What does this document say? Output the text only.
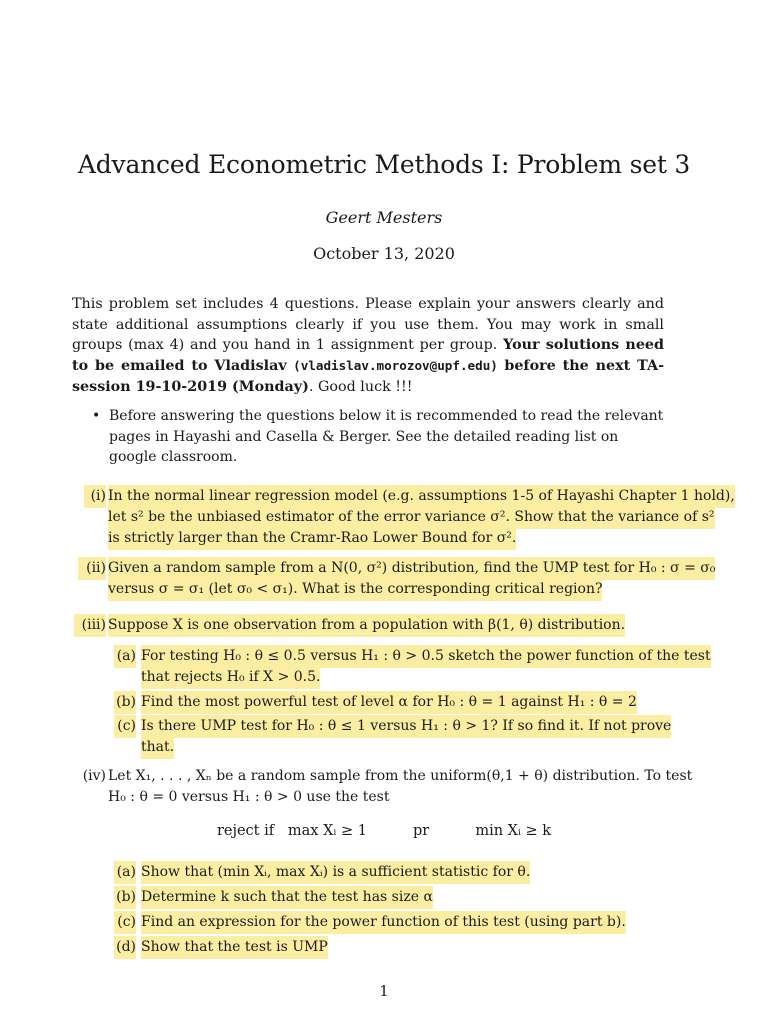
Advanced Econometric Methods I: Problem set 3
Geert Mesters
October 13, 2020
This problem set includes 4 questions. Please explain your answers clearly and state additional assumptions clearly if you use them. You may work in small groups (max 4) and you hand in 1 assignment per group. Your solutions need to be emailed to Vladislav (vladislav.morozov@upf.edu) before the next TA-session 19-10-2019 (Monday). Good luck !!!
• Before answering the questions below it is recommended to read the relevant pages in Hayashi and Casella & Berger. See the detailed reading list on google classroom.
(i) In the normal linear regression model (e.g. assumptions 1-5 of Hayashi Chapter 1 hold),
let s² be the unbiased estimator of the error variance σ². Show that the variance of s²
is strictly larger than the Cramr-Rao Lower Bound for σ².
(ii) Given a random sample from a N(0, σ²) distribution, find the UMP test for H₀ : σ = σ₀
versus σ = σ₁ (let σ₀ < σ₁). What is the corresponding critical region?
(iii) Suppose X is one observation from a population with β(1, θ) distribution.
(a) For testing H₀ : θ ≤ 0.5 versus H₁ : θ > 0.5 sketch the power function of the test
that rejects H₀ if X > 0.5.
(b) Find the most powerful test of level α for H₀ : θ = 1 against H₁ : θ = 2
(c) Is there UMP test for H₀ : θ ≤ 1 versus H₁ : θ > 1? If so find it. If not prove
that.
(iv) Let X₁, . . . , Xₙ be a random sample from the uniform(θ,1 + θ) distribution. To test
H₀ : θ = 0 versus H₁ : θ > 0 use the test
reject if   max Xᵢ ≥ 1          pr          min Xᵢ ≥ k
(a) Show that (min Xᵢ, max Xᵢ) is a sufficient statistic for θ.
(b) Determine k such that the test has size α
(c) Find an expression for the power function of this test (using part b).
(d) Show that the test is UMP
1
